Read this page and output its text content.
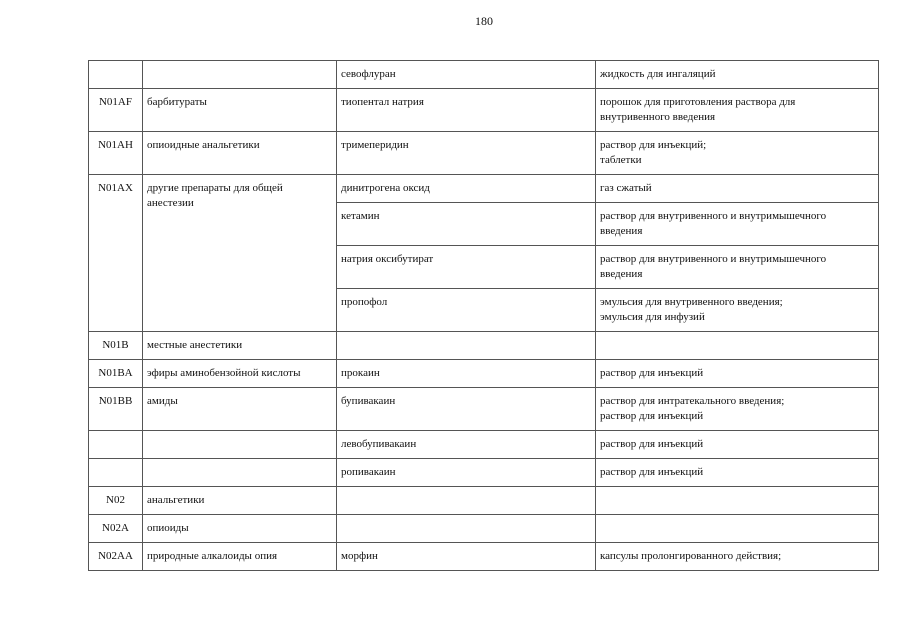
180
		севофлуран	жидкость для ингаляций

N01AF	барбитураты	тиопентал натрия	порошок для приготовления раствора для
внутривенного введения

N01AH	опиоидные анальгетики	тримеперидин	раствор для инъекций;
таблетки

N01AX	другие препараты для общей
анестезии	динитрогена оксид	газ сжатый

		кетамин	раствор для внутривенного и внутримышечного
введения

		натрия оксибутират	раствор для внутривенного и внутримышечного
введения

		пропофол	эмульсия для внутривенного введения;
эмульсия для инфузий

N01B	местные анестетики		

N01BA	эфиры аминобензойной кислоты	прокаин	раствор для инъекций

N01BB	амиды	бупивакаин	раствор для интратекального введения;
раствор для инъекций

		левобупивакаин	раствор для инъекций

		ропивакаин	раствор для инъекций

N02	анальгетики		

N02A	опиоиды		

N02AA	природные алкалоиды опия	морфин	капсулы пролонгированного действия;
